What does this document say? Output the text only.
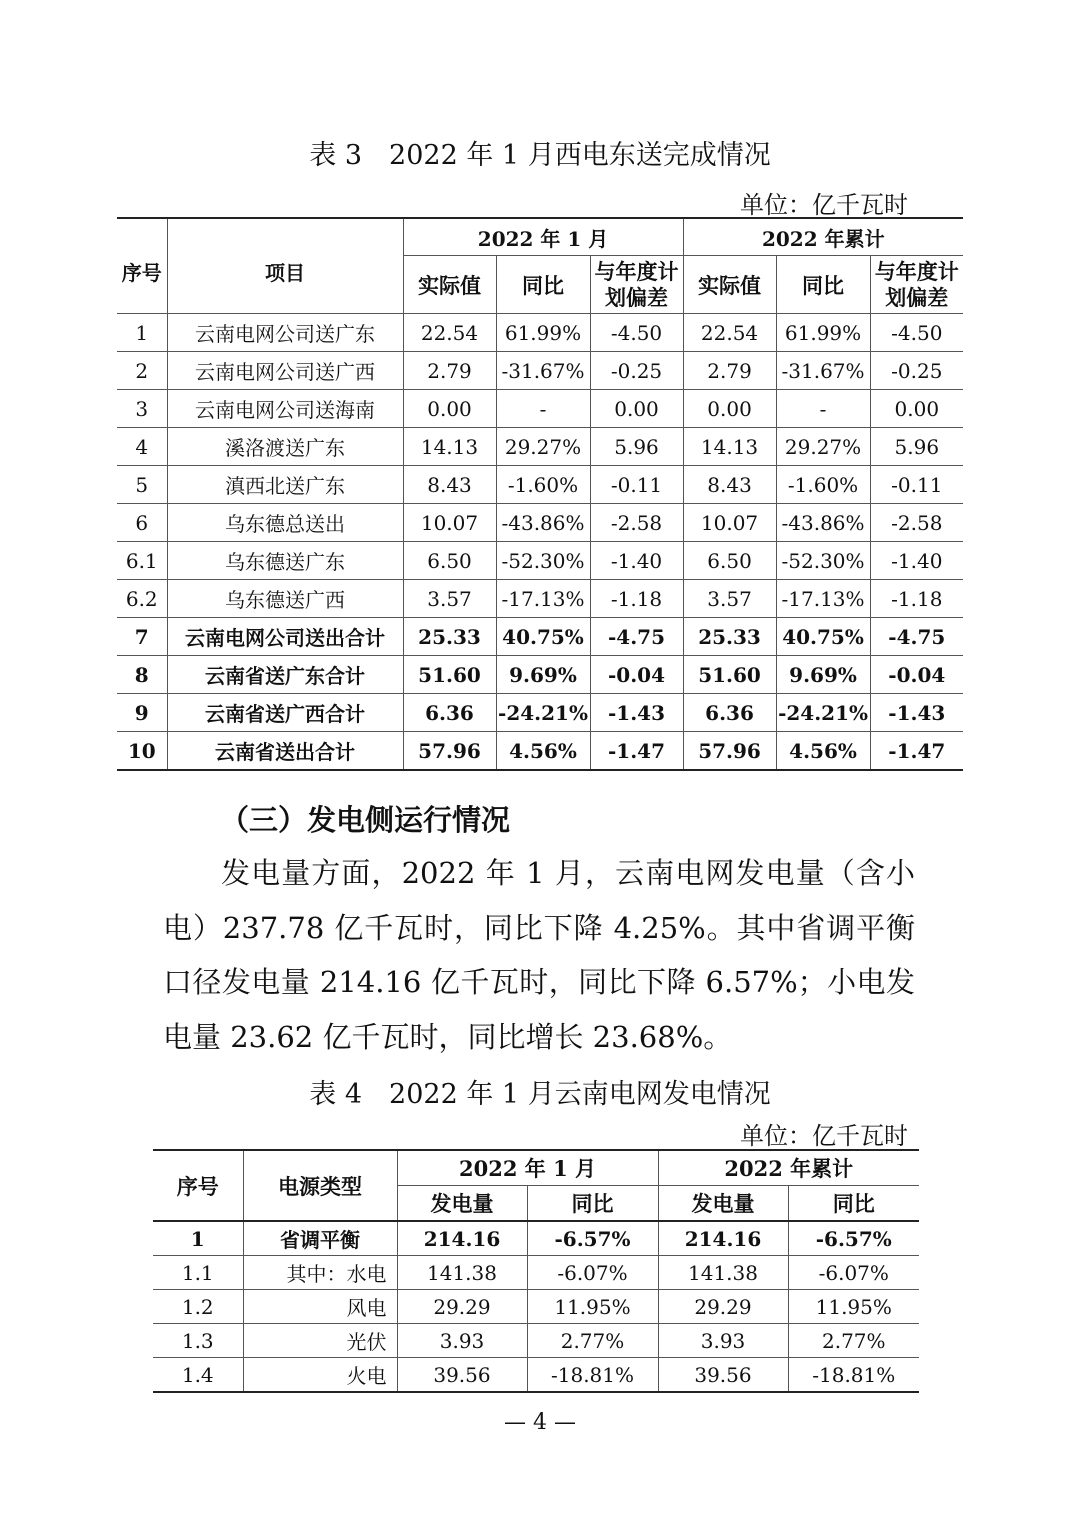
表 3　2022 年 1 月西电东送完成情况
单位：亿千瓦时
序号	项目	2022 年 1 月			2022 年累计		
		实际值	同比	与年度计划偏差	实际值	同比	与年度计划偏差
1	云南电网公司送广东	22.54	61.99%	-4.50	22.54	61.99%	-4.50
2	云南电网公司送广西	2.79	-31.67%	-0.25	2.79	-31.67%	-0.25
3	云南电网公司送海南	0.00	-	0.00	0.00	-	0.00
4	溪洛渡送广东	14.13	29.27%	5.96	14.13	29.27%	5.96
5	滇西北送广东	8.43	-1.60%	-0.11	8.43	-1.60%	-0.11
6	乌东德总送出	10.07	-43.86%	-2.58	10.07	-43.86%	-2.58
6.1	乌东德送广东	6.50	-52.30%	-1.40	6.50	-52.30%	-1.40
6.2	乌东德送广西	3.57	-17.13%	-1.18	3.57	-17.13%	-1.18
7	云南电网公司送出合计	25.33	40.75%	-4.75	25.33	40.75%	-4.75
8	云南省送广东合计	51.60	9.69%	-0.04	51.60	9.69%	-0.04
9	云南省送广西合计	6.36	-24.21%	-1.43	6.36	-24.21%	-1.43
10	云南省送出合计	57.96	4.56%	-1.47	57.96	4.56%	-1.47
（三）发电侧运行情况
发电量方面，2022 年 1 月，云南电网发电量（含小电）237.78 亿千瓦时，同比下降 4.25%。其中省调平衡口径发电量 214.16 亿千瓦时，同比下降 6.57%；小电发电量 23.62 亿千瓦时，同比增长 23.68%。
表 4　2022 年 1 月云南电网发电情况
单位：亿千瓦时
序号	电源类型	2022 年 1 月		2022 年累计	
		发电量	同比	发电量	同比
1	省调平衡	214.16	-6.57%	214.16	-6.57%
1.1	其中：水电	141.38	-6.07%	141.38	-6.07%
1.2	风电	29.29	11.95%	29.29	11.95%
1.3	光伏	3.93	2.77%	3.93	2.77%
1.4	火电	39.56	-18.81%	39.56	-18.81%
— 4 —
